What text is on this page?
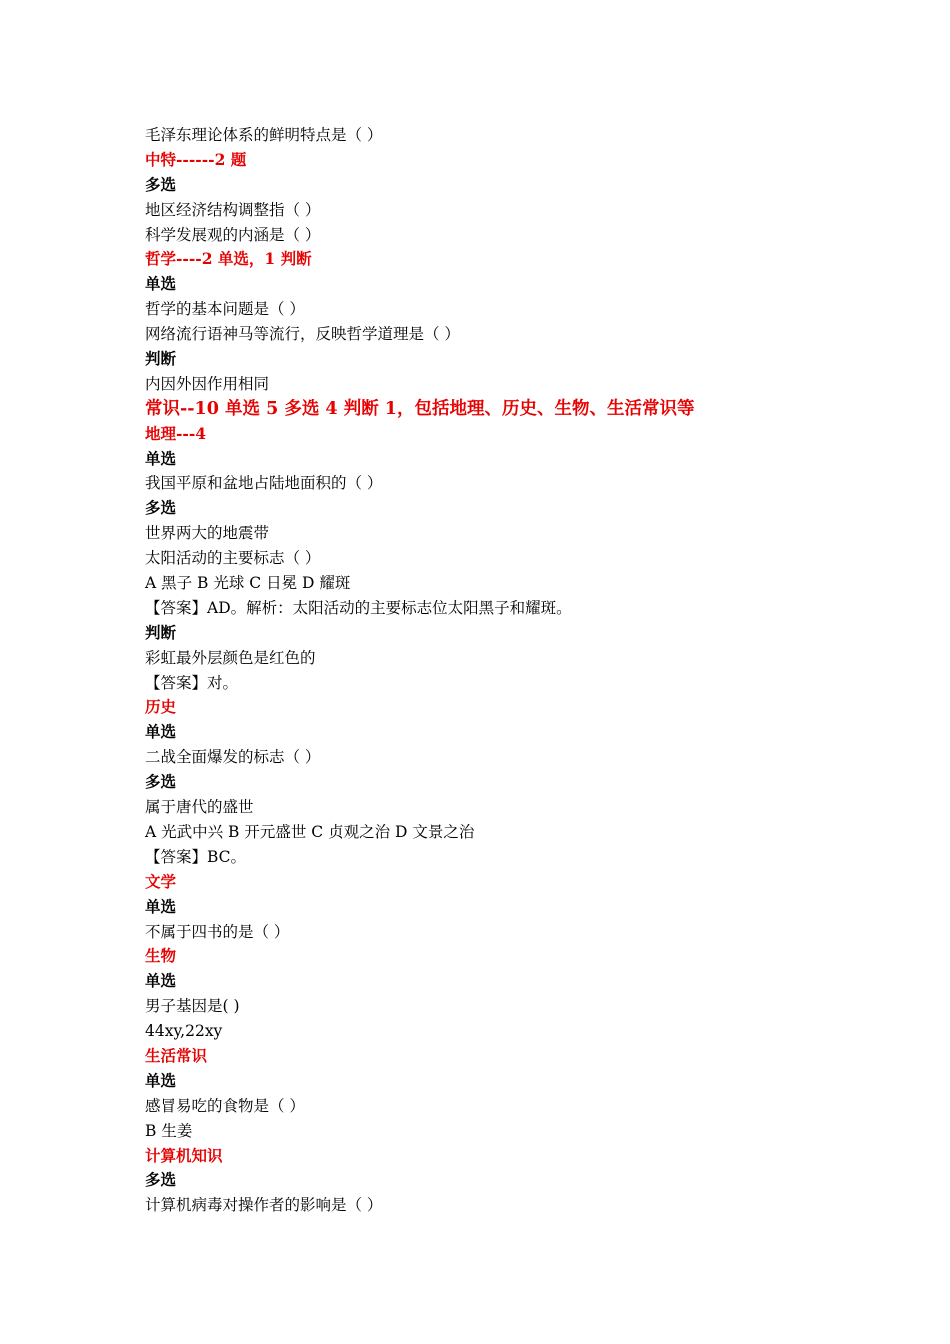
毛泽东理论体系的鲜明特点是（ ）
中特------2 题
多选
地区经济结构调整指（ ）
科学发展观的内涵是（ ）
哲学----2 单选，1 判断
单选
哲学的基本问题是（ ）
网络流行语神马等流行，反映哲学道理是（ ）
判断
内因外因作用相同
常识--10 单选 5 多选 4 判断 1，包括地理、历史、生物、生活常识等
地理---4
单选
我国平原和盆地占陆地面积的（ ）
多选
世界两大的地震带
太阳活动的主要标志（ ）
A 黑子 B 光球 C 日冕 D 耀斑
【答案】AD。解析：太阳活动的主要标志位太阳黑子和耀斑。
判断
彩虹最外层颜色是红色的
【答案】对。
历史
单选
二战全面爆发的标志（ ）
多选
属于唐代的盛世
A 光武中兴 B 开元盛世 C 贞观之治 D 文景之治
【答案】BC。
文学
单选
不属于四书的是（ ）
生物
单选
男子基因是( )
44xy,22xy
生活常识
单选
感冒易吃的食物是（ ）
B 生姜
计算机知识
多选
计算机病毒对操作者的影响是（ ）
